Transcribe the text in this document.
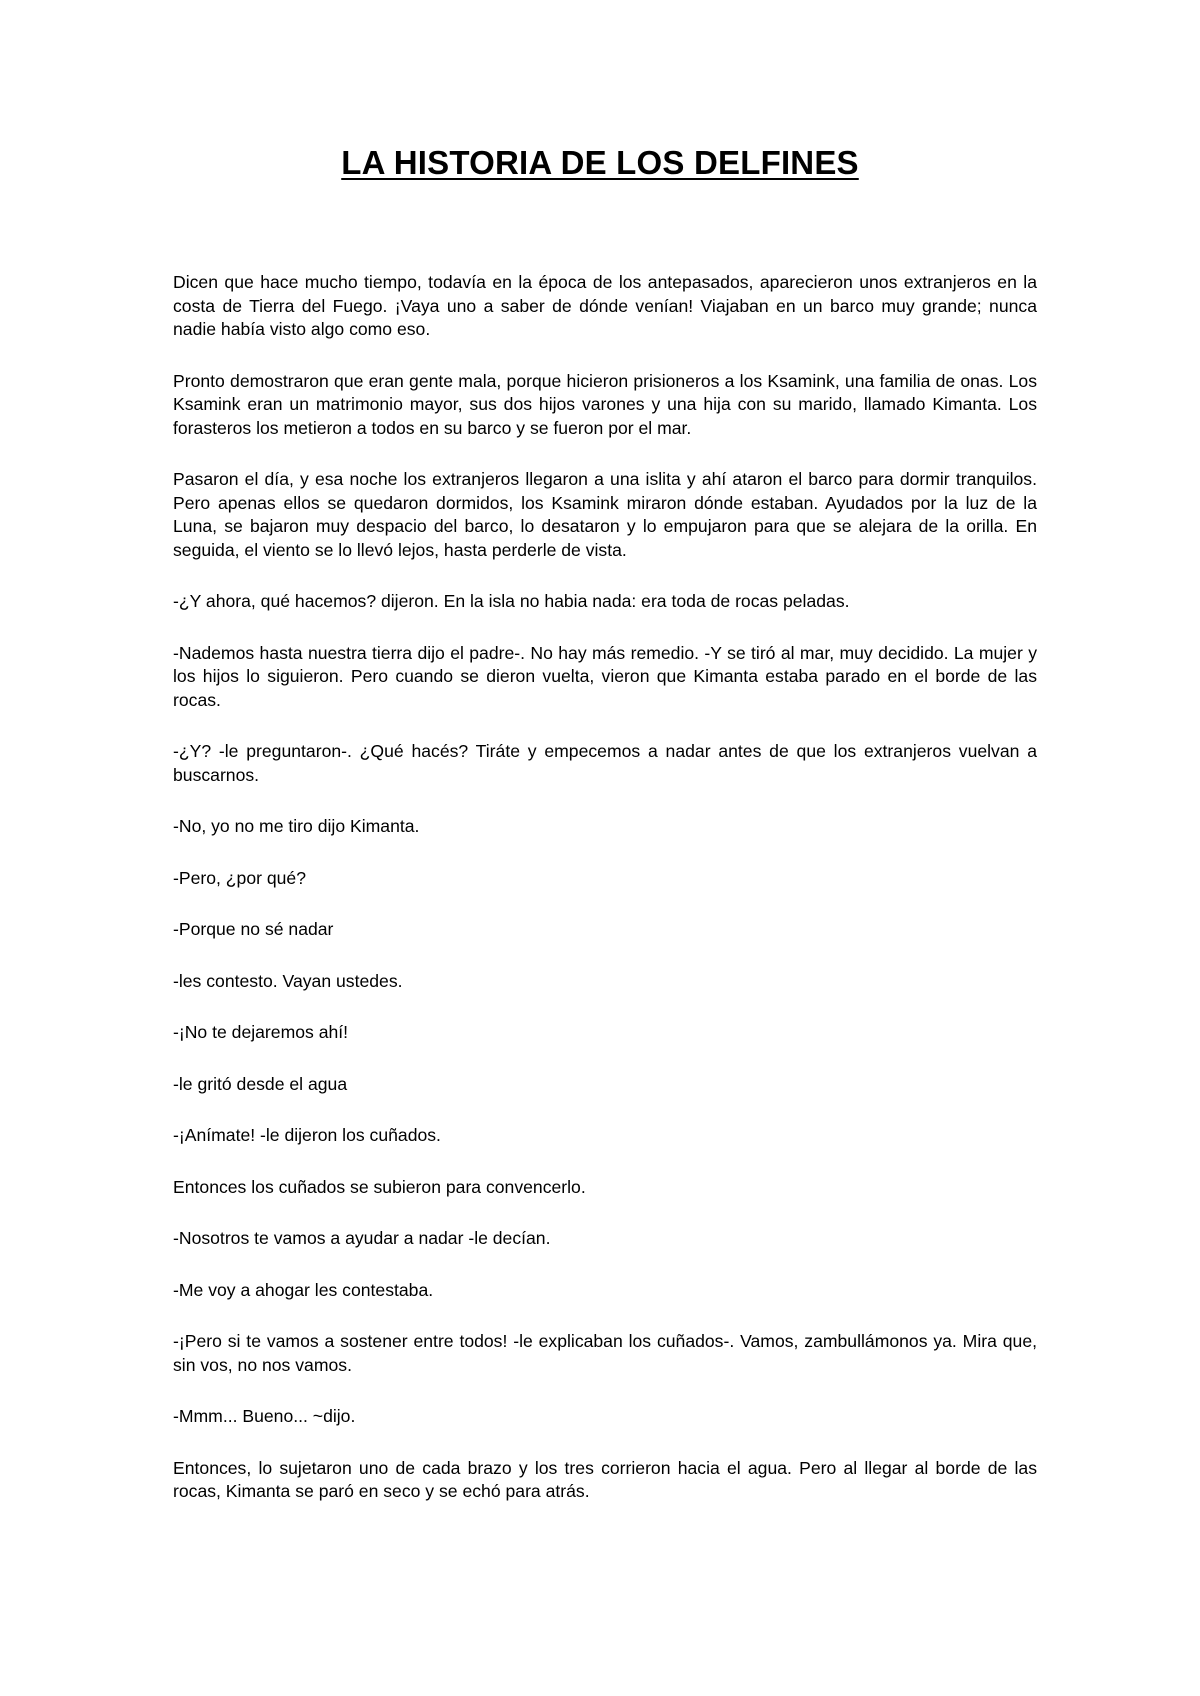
LA HISTORIA DE LOS DELFINES

Dicen que hace mucho tiempo, todavía en la época de los antepasados, aparecieron unos extranjeros en la costa de Tierra del Fuego. ¡Vaya uno a saber de dónde venían! Viajaban en un barco muy grande; nunca nadie había visto algo como eso.

Pronto demostraron que eran gente mala, porque hicieron prisioneros a los Ksamink, una familia de onas. Los Ksamink eran un matrimonio mayor, sus dos hijos varones y una hija con su marido, llamado Kimanta. Los forasteros los metieron a todos en su barco y se fueron por el mar.

Pasaron el día, y esa noche los extranjeros llegaron a una islita y ahí ataron el barco para dormir tranquilos. Pero apenas ellos se quedaron dormidos, los Ksamink miraron dónde estaban. Ayudados por la luz de la Luna, se bajaron muy despacio del barco, lo desataron y lo empujaron para que se alejara de la orilla. En seguida, el viento se lo llevó lejos, hasta perderle de vista.

-¿Y ahora, qué hacemos? dijeron. En la isla no habia nada: era toda de rocas peladas.

-Nademos hasta nuestra tierra dijo el padre-. No hay más remedio. -Y se tiró al mar, muy decidido. La mujer y los hijos lo siguieron. Pero cuando se dieron vuelta, vieron que Kimanta estaba parado en el borde de las rocas.

-¿Y? -le preguntaron-. ¿Qué hacés? Tiráte y empecemos a nadar antes de que los extranjeros vuelvan a buscarnos.

-No, yo no me tiro dijo Kimanta.

-Pero, ¿por qué?

-Porque no sé nadar

-les contesto. Vayan ustedes.

-¡No te dejaremos ahí!

-le gritó desde el agua

-¡Anímate! -le dijeron los cuñados.

Entonces los cuñados se subieron para convencerlo.

-Nosotros te vamos a ayudar a nadar -le decían.

-Me voy a ahogar les contestaba.

-¡Pero si te vamos a sostener entre todos! -le explicaban los cuñados-. Vamos, zambullámonos ya. Mira que, sin vos, no nos vamos.

-Mmm... Bueno... ~dijo.

Entonces, lo sujetaron uno de cada brazo y los tres corrieron hacia el agua. Pero al llegar al borde de las rocas, Kimanta se paró en seco y se echó para atrás.
